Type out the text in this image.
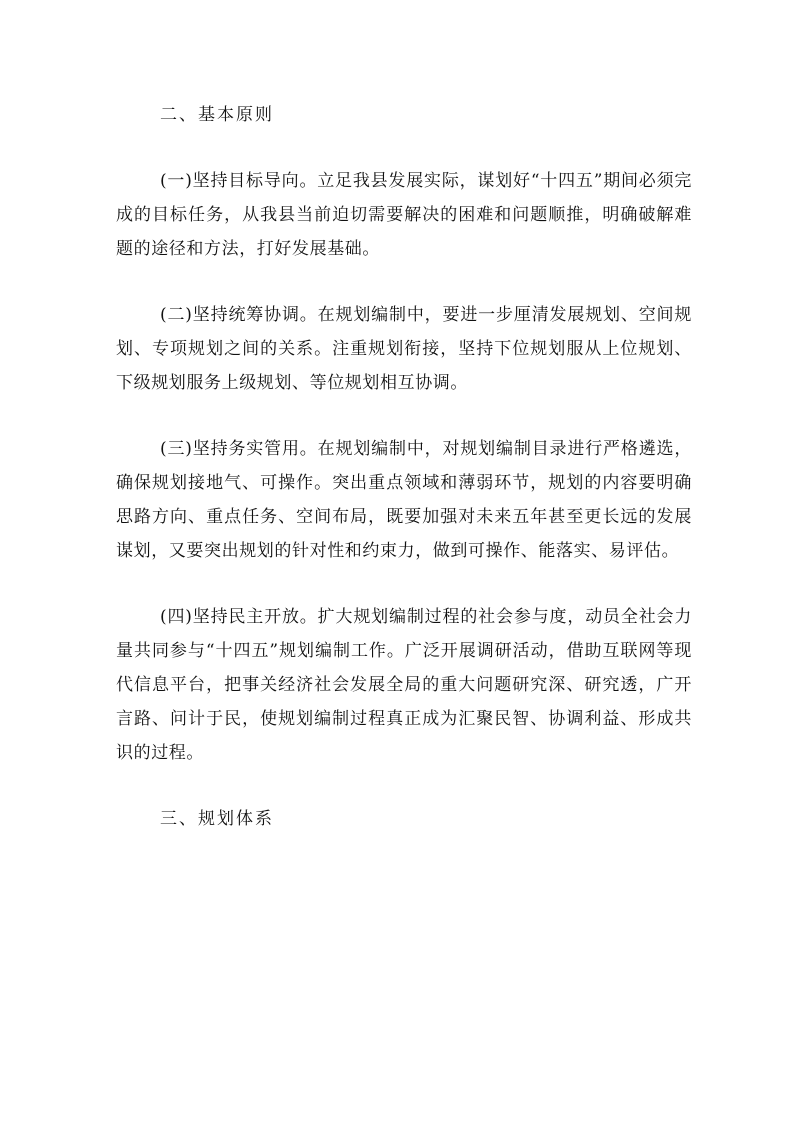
二、基本原则

(一)坚持目标导向。立足我县发展实际，谋划好“十四五”期间必须完成的目标任务，从我县当前迫切需要解决的困难和问题顺推，明确破解难题的途径和方法，打好发展基础。

(二)坚持统筹协调。在规划编制中，要进一步厘清发展规划、空间规划、专项规划之间的关系。注重规划衔接，坚持下位规划服从上位规划、下级规划服务上级规划、等位规划相互协调。

(三)坚持务实管用。在规划编制中，对规划编制目录进行严格遴选，确保规划接地气、可操作。突出重点领域和薄弱环节，规划的内容要明确思路方向、重点任务、空间布局，既要加强对未来五年甚至更长远的发展谋划，又要突出规划的针对性和约束力，做到可操作、能落实、易评估。

(四)坚持民主开放。扩大规划编制过程的社会参与度，动员全社会力量共同参与“十四五”规划编制工作。广泛开展调研活动，借助互联网等现代信息平台，把事关经济社会发展全局的重大问题研究深、研究透，广开言路、问计于民，使规划编制过程真正成为汇聚民智、协调利益、形成共识的过程。

三、规划体系
